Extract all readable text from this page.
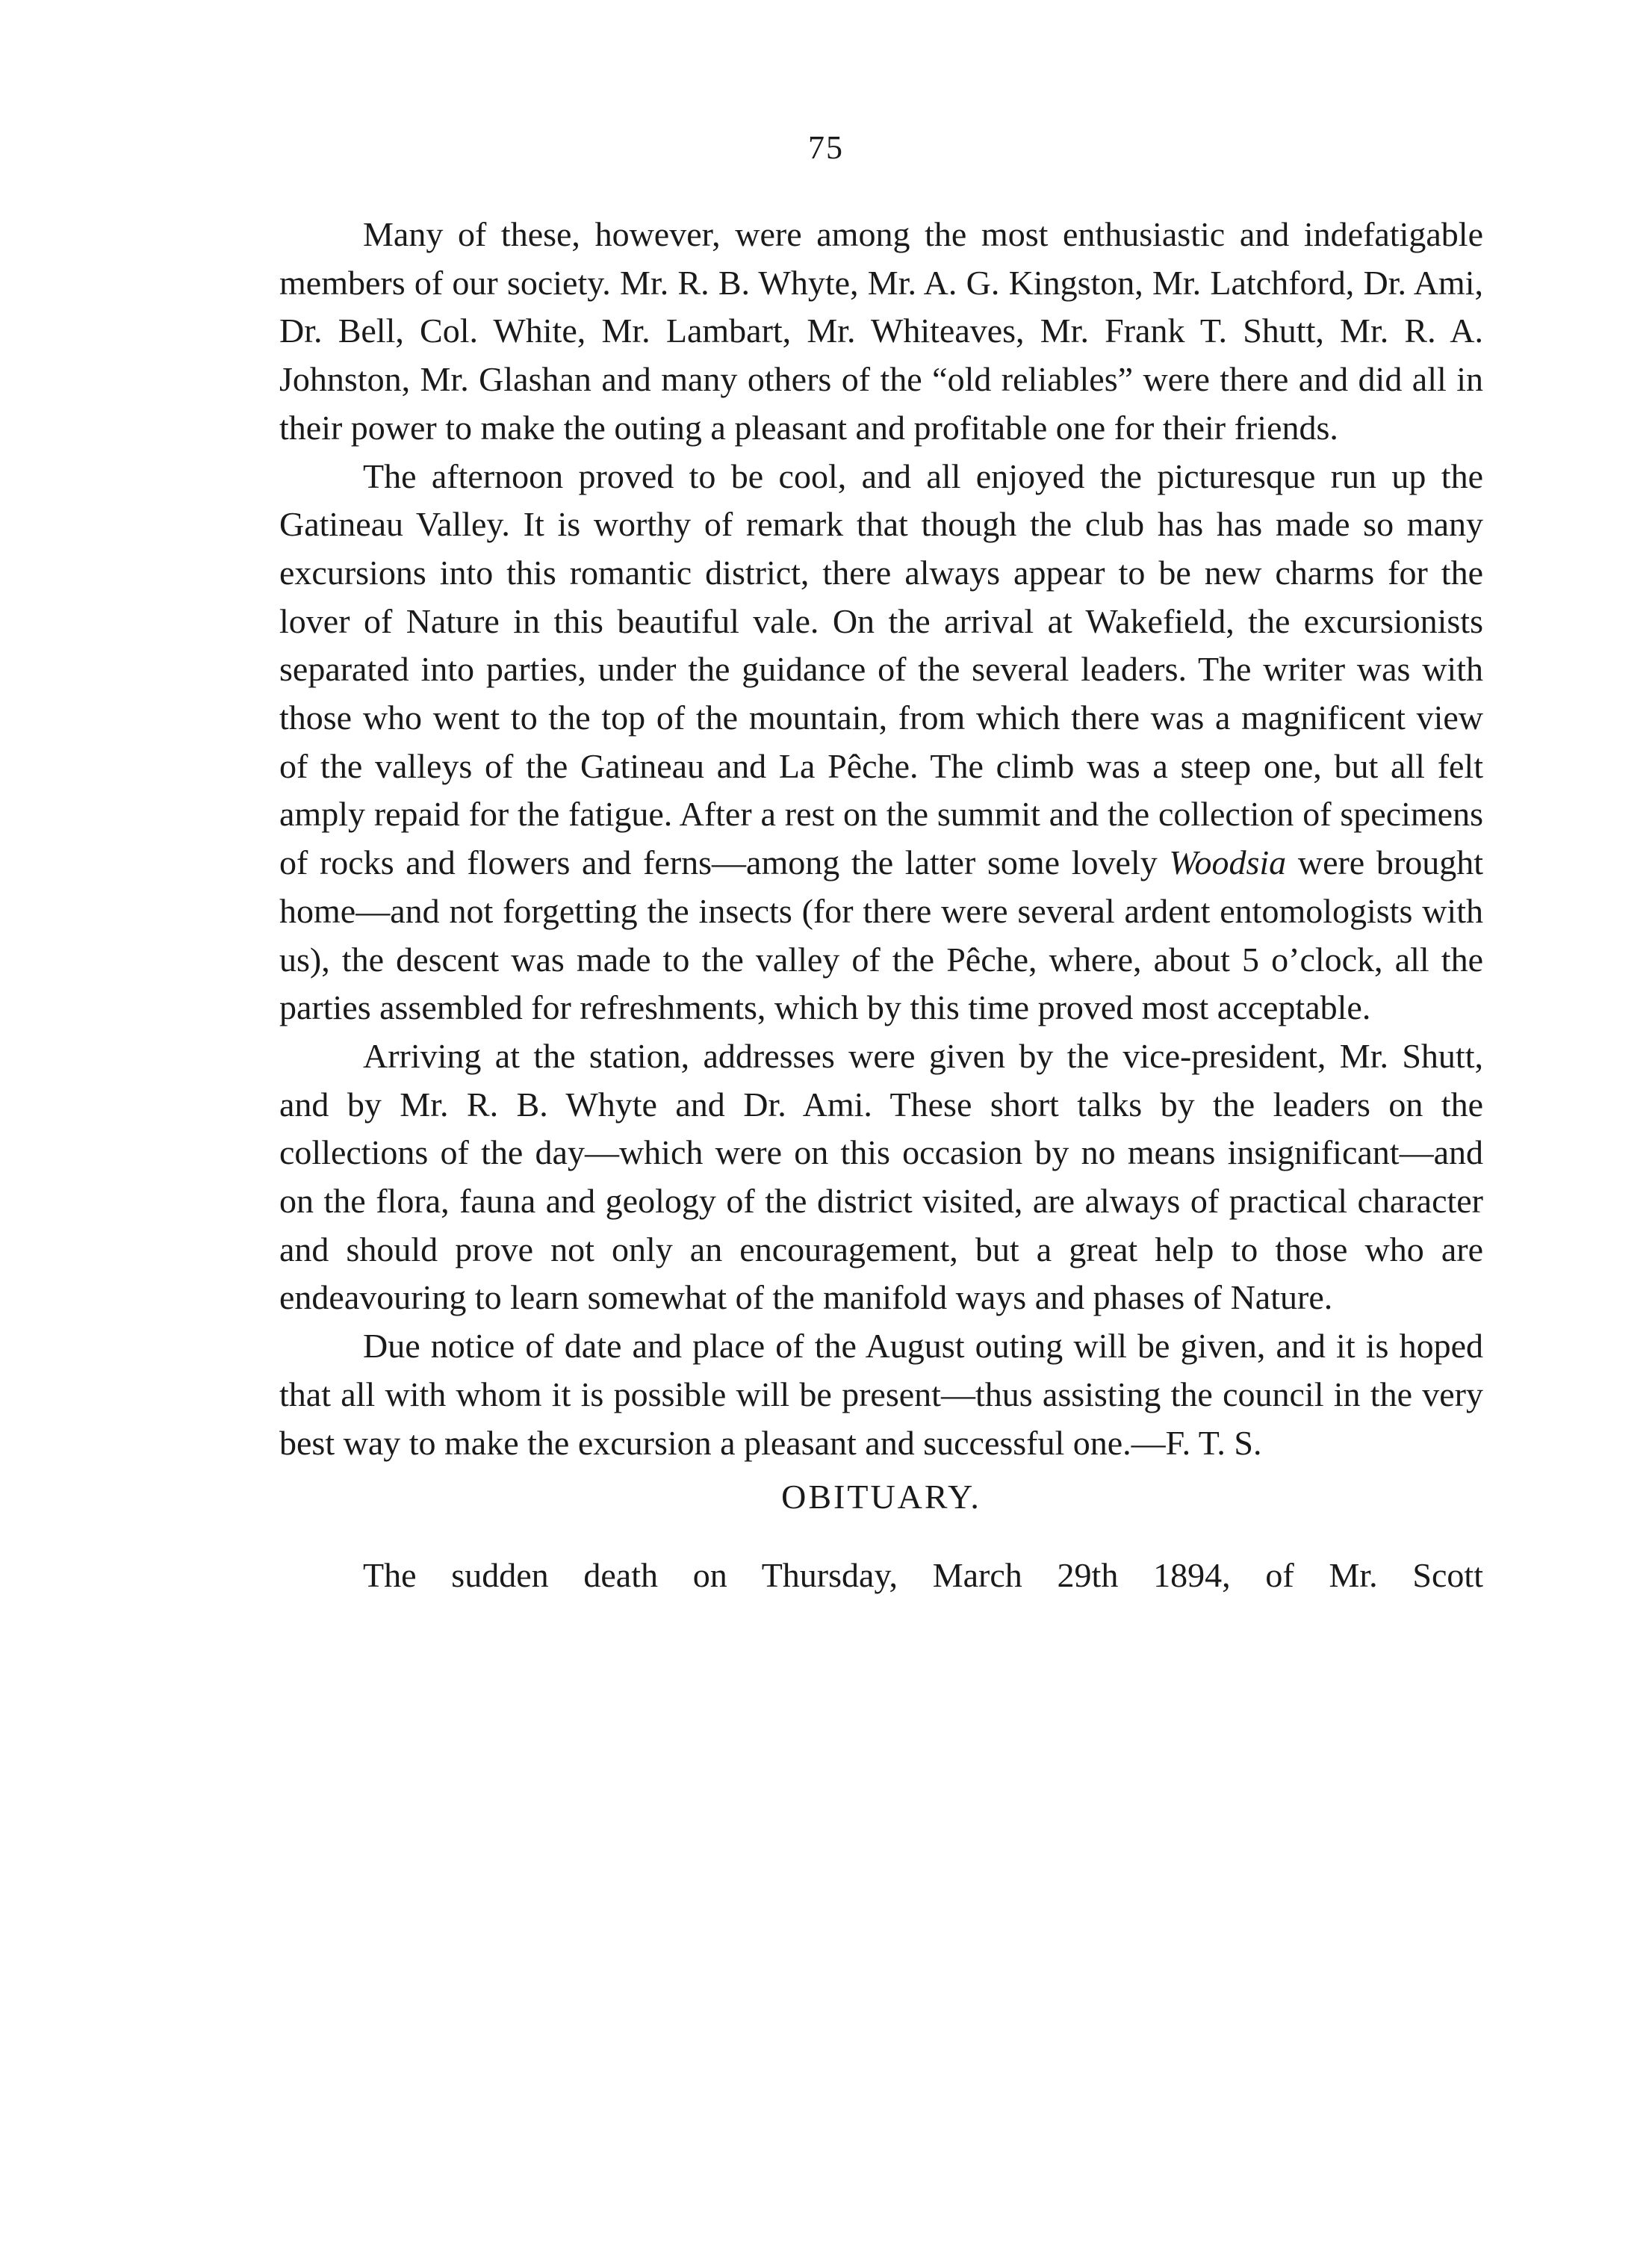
75

Many of these, however, were among the most enthusiastic and indefatigable members of our society. Mr. R. B. Whyte, Mr. A. G. Kingston, Mr. Latchford, Dr. Ami, Dr. Bell, Col. White, Mr. Lambart, Mr. Whiteaves, Mr. Frank T. Shutt, Mr. R. A. Johnston, Mr. Glashan and many others of the “old reliables” were there and did all in their power to make the outing a pleasant and profitable one for their friends.

The afternoon proved to be cool, and all enjoyed the picturesque run up the Gatineau Valley. It is worthy of remark that though the club has has made so many excursions into this romantic district, there always appear to be new charms for the lover of Nature in this beautiful vale. On the arrival at Wakefield, the excursionists separated into parties, under the guidance of the several leaders. The writer was with those who went to the top of the mountain, from which there was a magnificent view of the valleys of the Gatineau and La Pêche. The climb was a steep one, but all felt amply repaid for the fatigue. After a rest on the summit and the collection of specimens of rocks and flowers and ferns—among the latter some lovely Woodsia were brought home—and not forgetting the insects (for there were several ardent entomologists with us), the descent was made to the valley of the Pêche, where, about 5 o’clock, all the parties assembled for refreshments, which by this time proved most acceptable.

Arriving at the station, addresses were given by the vice-president, Mr. Shutt, and by Mr. R. B. Whyte and Dr. Ami. These short talks by the leaders on the collections of the day—which were on this occasion by no means insignificant—and on the flora, fauna and geology of the district visited, are always of practical character and should prove not only an encouragement, but a great help to those who are endeavouring to learn somewhat of the manifold ways and phases of Nature.

Due notice of date and place of the August outing will be given, and it is hoped that all with whom it is possible will be present—thus assisting the council in the very best way to make the excursion a pleasant and successful one.—F. T. S.

OBITUARY.

The sudden death on Thursday, March 29th 1894, of Mr. Scott
